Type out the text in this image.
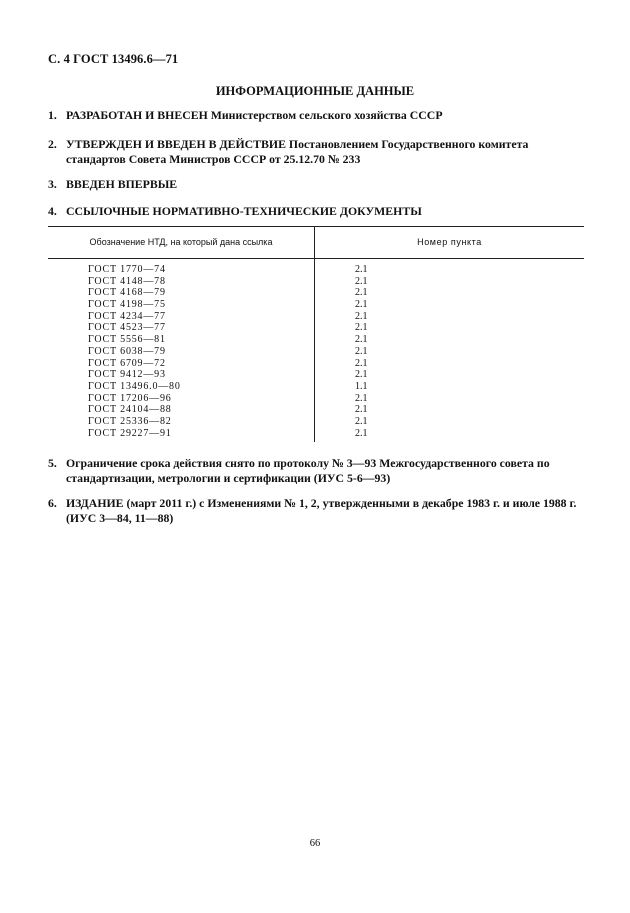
С. 4 ГОСТ 13496.6—71
ИНФОРМАЦИОННЫЕ ДАННЫЕ
1. РАЗРАБОТАН И ВНЕСЕН Министерством сельского хозяйства СССР
2. УТВЕРЖДЕН И ВВЕДЕН В ДЕЙСТВИЕ Постановлением Государственного комитета стандартов Совета Министров СССР от 25.12.70 № 233
3. ВВЕДЕН ВПЕРВЫЕ
4. ССЫЛОЧНЫЕ НОРМАТИВНО-ТЕХНИЧЕСКИЕ ДОКУМЕНТЫ
Обозначение НТД, на который дана ссылка	Номер пункта
ГОСТ 1770—74	2.1
ГОСТ 4148—78	2.1
ГОСТ 4168—79	2.1
ГОСТ 4198—75	2.1
ГОСТ 4234—77	2.1
ГОСТ 4523—77	2.1
ГОСТ 5556—81	2.1
ГОСТ 6038—79	2.1
ГОСТ 6709—72	2.1
ГОСТ 9412—93	2.1
ГОСТ 13496.0—80	1.1
ГОСТ 17206—96	2.1
ГОСТ 24104—88	2.1
ГОСТ 25336—82	2.1
ГОСТ 29227—91	2.1
5. Ограничение срока действия снято по протоколу № 3—93 Межгосударственного совета по стандартизации, метрологии и сертификации (ИУС 5-6—93)
6. ИЗДАНИЕ (март 2011 г.) с Изменениями № 1, 2, утвержденными в декабре 1983 г. и июле 1988 г. (ИУС 3—84, 11—88)
66
